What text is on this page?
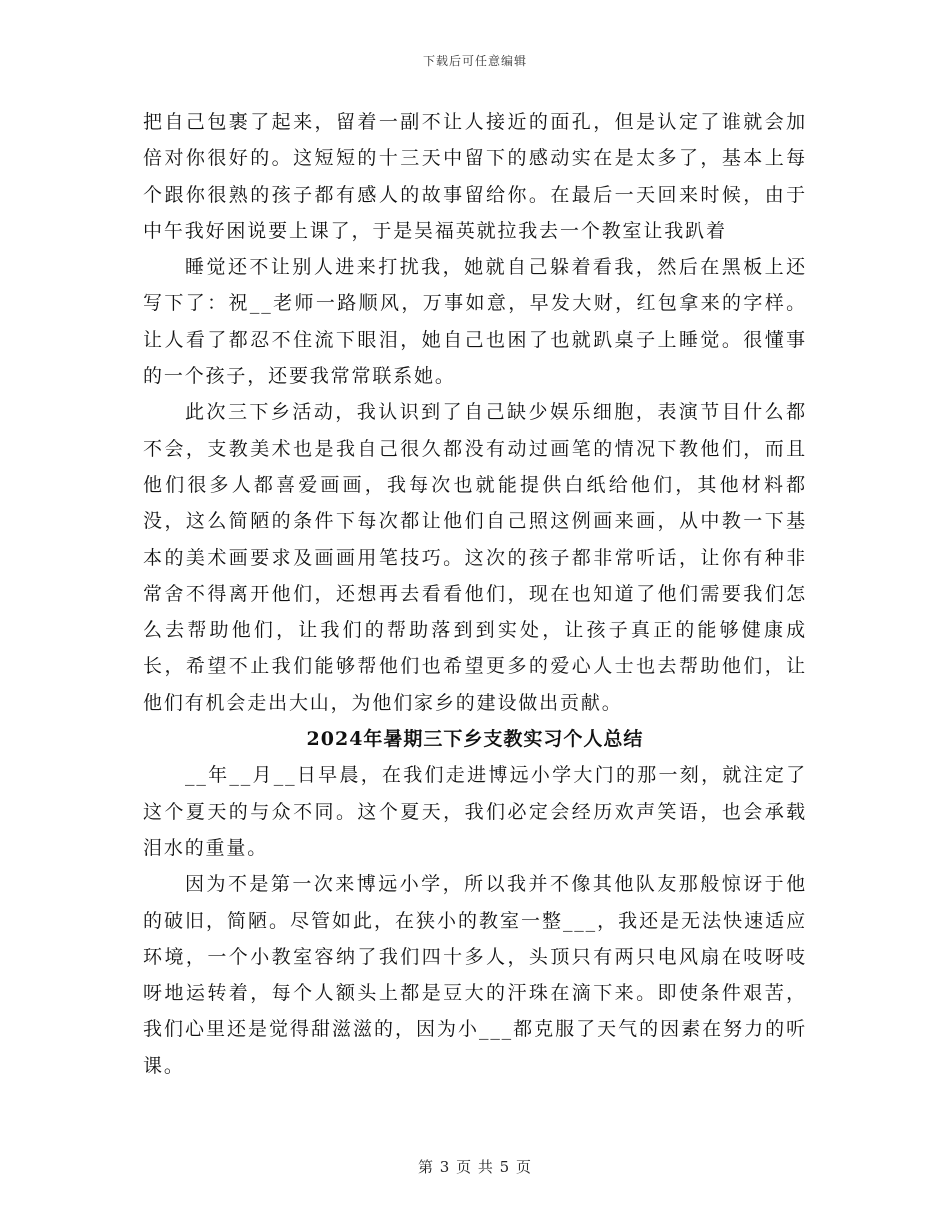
下载后可任意编辑

把自己包裹了起来，留着一副不让人接近的面孔，但是认定了谁就会加倍对你很好的。这短短的十三天中留下的感动实在是太多了，基本上每个跟你很熟的孩子都有感人的故事留给你。在最后一天回来时候，由于中午我好困说要上课了，于是吴福英就拉我去一个教室让我趴着

睡觉还不让别人进来打扰我，她就自己躲着看我，然后在黑板上还写下了：祝__老师一路顺风，万事如意，早发大财，红包拿来的字样。让人看了都忍不住流下眼泪，她自己也困了也就趴桌子上睡觉。很懂事的一个孩子，还要我常常联系她。

此次三下乡活动，我认识到了自己缺少娱乐细胞，表演节目什么都不会，支教美术也是我自己很久都没有动过画笔的情况下教他们，而且他们很多人都喜爱画画，我每次也就能提供白纸给他们，其他材料都没，这么简陋的条件下每次都让他们自己照这例画来画，从中教一下基本的美术画要求及画画用笔技巧。这次的孩子都非常听话，让你有种非常舍不得离开他们，还想再去看看他们，现在也知道了他们需要我们怎么去帮助他们，让我们的帮助落到到实处，让孩子真正的能够健康成长，希望不止我们能够帮他们也希望更多的爱心人士也去帮助他们，让他们有机会走出大山，为他们家乡的建设做出贡献。

2024年暑期三下乡支教实习个人总结

__年__月__日早晨，在我们走进博远小学大门的那一刻，就注定了这个夏天的与众不同。这个夏天，我们必定会经历欢声笑语，也会承载泪水的重量。

因为不是第一次来博远小学，所以我并不像其他队友那般惊讶于他的破旧，简陋。尽管如此，在狭小的教室一整___，我还是无法快速适应环境，一个小教室容纳了我们四十多人，头顶只有两只电风扇在吱呀吱呀地运转着，每个人额头上都是豆大的汗珠在滴下来。即使条件艰苦，我们心里还是觉得甜滋滋的，因为小___都克服了天气的因素在努力的听课。

第 3 页 共 5 页
